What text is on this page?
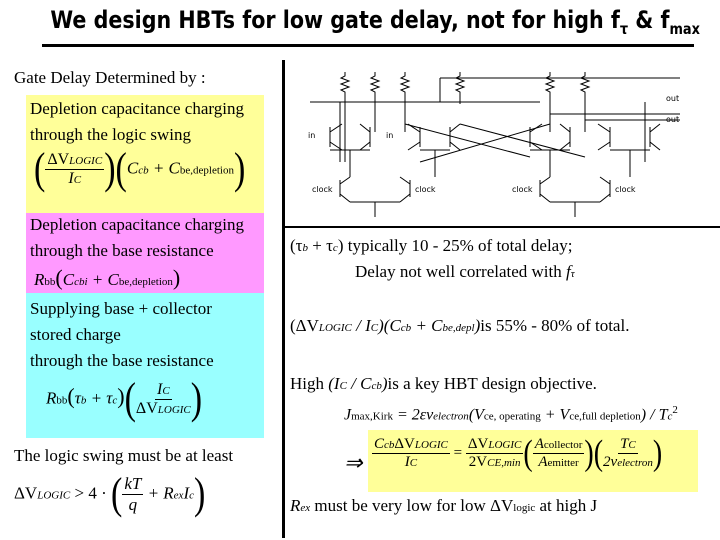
We design HBTs for low gate delay, not for high $f_\tau$ & $f_{max}$
Gate Delay Determined by :
Depletion capacitance charging
through the logic swing
( $\frac{\text{ΔVLOGIC}}{IC} )(Ccb$ + Cbe,depletion)
Depletion capacitance charging
through the base resistance
Rbb(Ccbi + Cbe,depletion)
Supplying base + collector
stored charge
through the base resistance
$Rbb(\tau b + \tau c)( \frac{IC}{\text{ΔVLOGIC}}$ )
The logic swing must be at least
ΔVLOGIC > 4 · ( $\frac{kT}{q}$ + RexIc)
in	in
out
out
clock	clock	clock	clock
(τb + τc) typically 10 - 25% of total delay;
Delay not well correlated with fτ
(ΔVLOGIC / IC)(Ccb + Cbe,depl)is 55% - 80% of total.
High (IC / Ccb)is a key HBT design objective.
Jmax,Kirk = 2εvelectron(Vce, operating + Vce,full depletion) / Tc$^2$
⇒ $\frac{\text{CcbΔVLOGIC}}{IC} = \frac{\text{ΔVLOGIC}}{\text{2VCE,min}}$ ( $\frac{\text{Acollector}}{\text{Aemitter}}$ )( $\frac{TC}{\text{2velectron}}$ )
Rex must be very low for low ΔVlogic at high J
